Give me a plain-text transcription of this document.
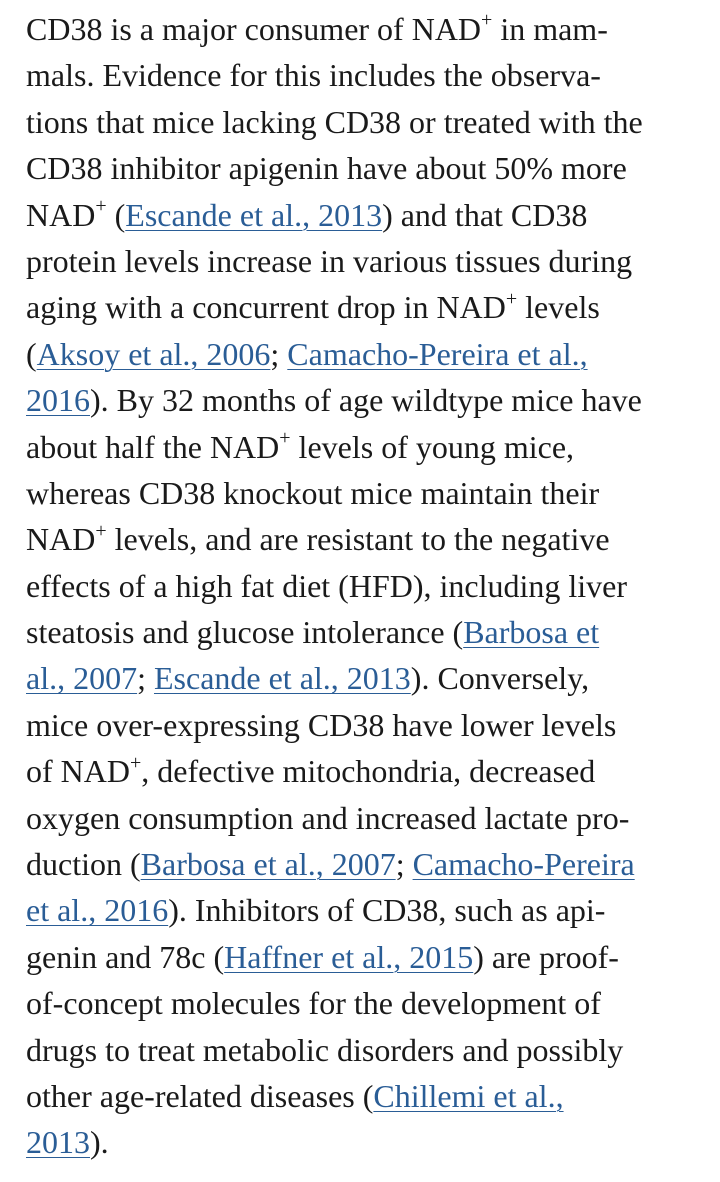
CD38 is a major consumer of NAD+ in mam-
mals. Evidence for this includes the observa-
tions that mice lacking CD38 or treated with the
CD38 inhibitor apigenin have about 50% more
NAD+ (Escande et al., 2013) and that CD38
protein levels increase in various tissues during
aging with a concurrent drop in NAD+ levels
(Aksoy et al., 2006; Camacho-Pereira et al.,
2016). By 32 months of age wildtype mice have
about half the NAD+ levels of young mice,
whereas CD38 knockout mice maintain their
NAD+ levels, and are resistant to the negative
effects of a high fat diet (HFD), including liver
steatosis and glucose intolerance (Barbosa et
al., 2007; Escande et al., 2013). Conversely,
mice over-expressing CD38 have lower levels
of NAD+, defective mitochondria, decreased
oxygen consumption and increased lactate pro-
duction (Barbosa et al., 2007; Camacho-Pereira
et al., 2016). Inhibitors of CD38, such as api-
genin and 78c (Haffner et al., 2015) are proof-
of-concept molecules for the development of
drugs to treat metabolic disorders and possibly
other age-related diseases (Chillemi et al.,
2013).
